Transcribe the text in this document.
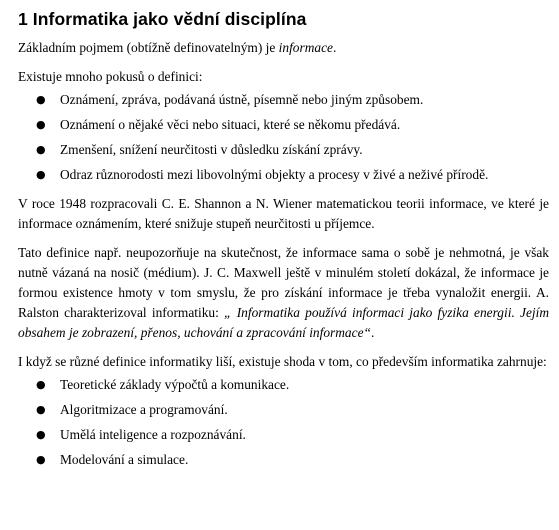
1 Informatika jako vědní disciplína

Základním pojmem (obtížně definovatelným) je informace.

Existuje mnoho pokusů o definici:

● Oznámení, zpráva, podávaná ústně, písemně nebo jiným způsobem.
● Oznámení o nějaké věci nebo situaci, které se někomu předává.
● Zmenšení, snížení neurčitosti v důsledku získání zprávy.
● Odraz různorodosti mezi libovolnými objekty a procesy v živé a neživé přírodě.

V roce 1948 rozpracovali C. E. Shannon a N. Wiener matematickou teorii informace, ve které je informace oznámením, které snižuje stupeň neurčitosti u příjemce.

Tato definice např. neupozorňuje na skutečnost, že informace sama o sobě je nehmotná, je však nutně vázaná na nosič (médium). J. C. Maxwell ještě v minulém století dokázal, že informace je formou existence hmoty v tom smyslu, že pro získání informace je třeba vynaložit energii. A. Ralston charakterizoval informatiku: „ Informatika používá informaci jako fyzika energii. Jejím obsahem je zobrazení, přenos, uchování a zpracování informace“.

I když se různé definice informatiky liší, existuje shoda v tom, co především informatika zahrnuje:

● Teoretické základy výpočtů a komunikace.
● Algoritmizace a programování.
● Umělá inteligence a rozpoznávání.
● Modelování a simulace.
